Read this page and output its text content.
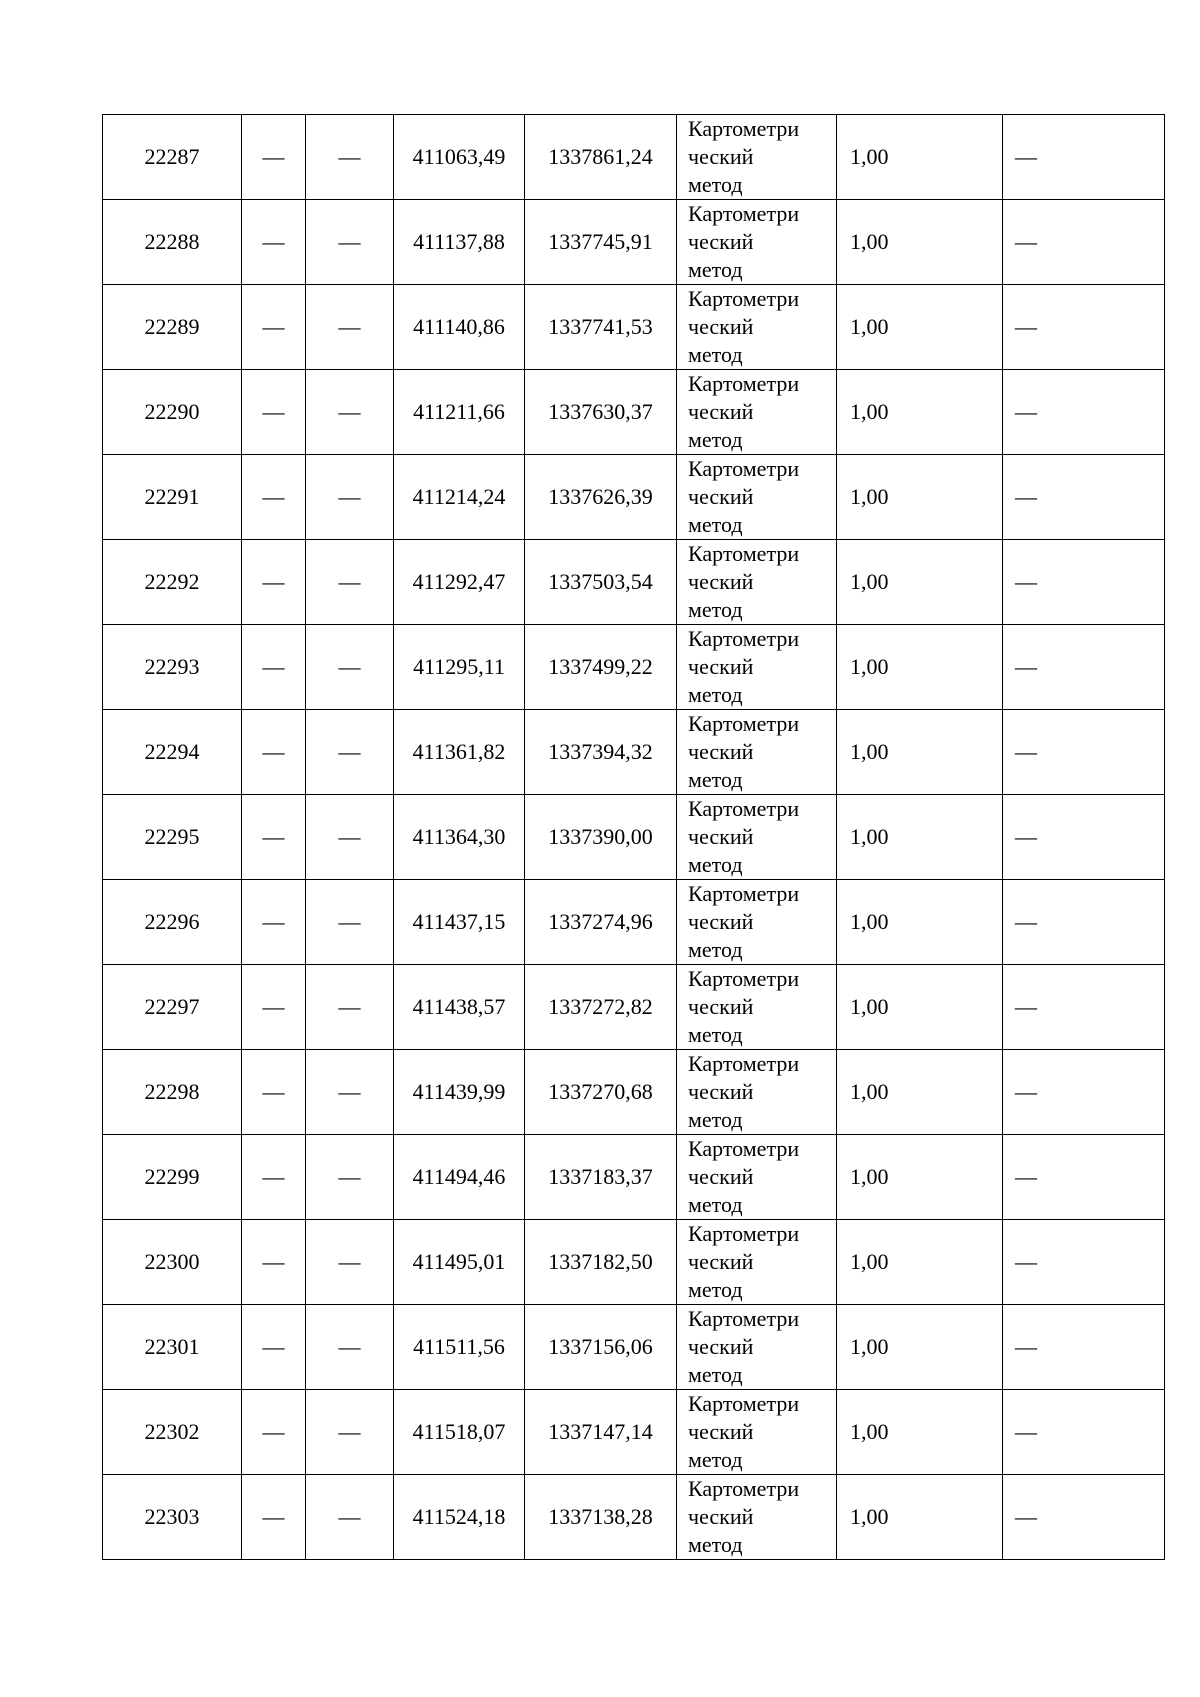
22287	—	—	411063,49	1337861,24	Картометри
ческий
метод	1,00	—
22288	—	—	411137,88	1337745,91	Картометри
ческий
метод	1,00	—
22289	—	—	411140,86	1337741,53	Картометри
ческий
метод	1,00	—
22290	—	—	411211,66	1337630,37	Картометри
ческий
метод	1,00	—
22291	—	—	411214,24	1337626,39	Картометри
ческий
метод	1,00	—
22292	—	—	411292,47	1337503,54	Картометри
ческий
метод	1,00	—
22293	—	—	411295,11	1337499,22	Картометри
ческий
метод	1,00	—
22294	—	—	411361,82	1337394,32	Картометри
ческий
метод	1,00	—
22295	—	—	411364,30	1337390,00	Картометри
ческий
метод	1,00	—
22296	—	—	411437,15	1337274,96	Картометри
ческий
метод	1,00	—
22297	—	—	411438,57	1337272,82	Картометри
ческий
метод	1,00	—
22298	—	—	411439,99	1337270,68	Картометри
ческий
метод	1,00	—
22299	—	—	411494,46	1337183,37	Картометри
ческий
метод	1,00	—
22300	—	—	411495,01	1337182,50	Картометри
ческий
метод	1,00	—
22301	—	—	411511,56	1337156,06	Картометри
ческий
метод	1,00	—
22302	—	—	411518,07	1337147,14	Картометри
ческий
метод	1,00	—
22303	—	—	411524,18	1337138,28	Картометри
ческий
метод	1,00	—
